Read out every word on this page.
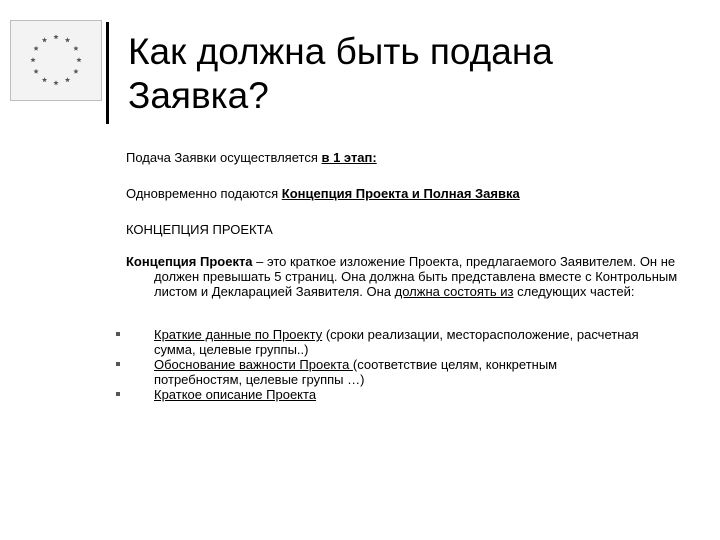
Как должна быть подана
Заявка?

Подача Заявки осуществляется в 1 этап:

Одновременно подаются Концепция Проекта и Полная Заявка

КОНЦЕПЦИЯ ПРОЕКТА

Концепция Проекта – это краткое изложение Проекта, предлагаемого Заявителем. Он не должен превышать 5 страниц. Она должна быть представлена вместе с Контрольным листом и Декларацией Заявителя. Она должна состоять из следующих частей:

Краткие данные по Проекту (сроки реализации, месторасположение, расчетная сумма, целевые группы..)
Обоснование важности Проекта (соответствие целям, конкретным потребностям, целевые группы …)
Краткое описание Проекта
